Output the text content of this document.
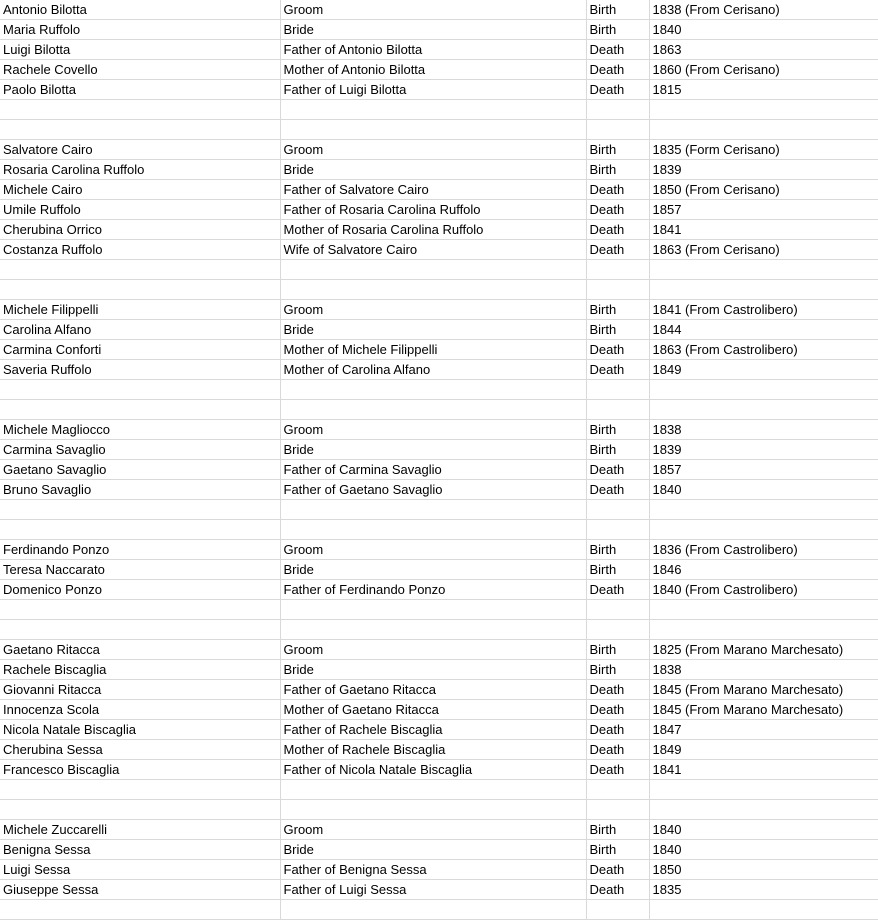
Antonio Bilotta	Groom	Birth	1838 (From Cerisano)
Maria Ruffolo	Bride	Birth	1840
Luigi Bilotta	Father of Antonio Bilotta	Death	1863
Rachele Covello	Mother of Antonio Bilotta	Death	1860 (From Cerisano)
Paolo Bilotta	Father of Luigi Bilotta	Death	1815

Salvatore Cairo	Groom	Birth	1835 (Form Cerisano)
Rosaria Carolina Ruffolo	Bride	Birth	1839
Michele Cairo	Father of Salvatore Cairo	Death	1850 (From Cerisano)
Umile Ruffolo	Father of Rosaria Carolina Ruffolo	Death	1857
Cherubina Orrico	Mother of Rosaria Carolina Ruffolo	Death	1841
Costanza Ruffolo	Wife of Salvatore Cairo	Death	1863 (From Cerisano)

Michele Filippelli	Groom	Birth	1841 (From Castrolibero)
Carolina Alfano	Bride	Birth	1844
Carmina Conforti	Mother of Michele Filippelli	Death	1863 (From Castrolibero)
Saveria Ruffolo	Mother of Carolina Alfano	Death	1849

Michele Magliocco	Groom	Birth	1838
Carmina Savaglio	Bride	Birth	1839
Gaetano Savaglio	Father of Carmina Savaglio	Death	1857
Bruno Savaglio	Father of Gaetano Savaglio	Death	1840

Ferdinando Ponzo	Groom	Birth	1836 (From Castrolibero)
Teresa Naccarato	Bride	Birth	1846
Domenico Ponzo	Father of Ferdinando Ponzo	Death	1840 (From Castrolibero)

Gaetano Ritacca	Groom	Birth	1825 (From Marano Marchesato)
Rachele Biscaglia	Bride	Birth	1838
Giovanni Ritacca	Father of Gaetano Ritacca	Death	1845 (From Marano Marchesato)
Innocenza Scola	Mother of Gaetano Ritacca	Death	1845 (From Marano Marchesato)
Nicola Natale Biscaglia	Father of Rachele Biscaglia	Death	1847
Cherubina Sessa	Mother of Rachele Biscaglia	Death	1849
Francesco Biscaglia	Father of Nicola Natale Biscaglia	Death	1841

Michele Zuccarelli	Groom	Birth	1840
Benigna Sessa	Bride	Birth	1840
Luigi Sessa	Father of Benigna Sessa	Death	1850
Giuseppe Sessa	Father of Luigi Sessa	Death	1835
